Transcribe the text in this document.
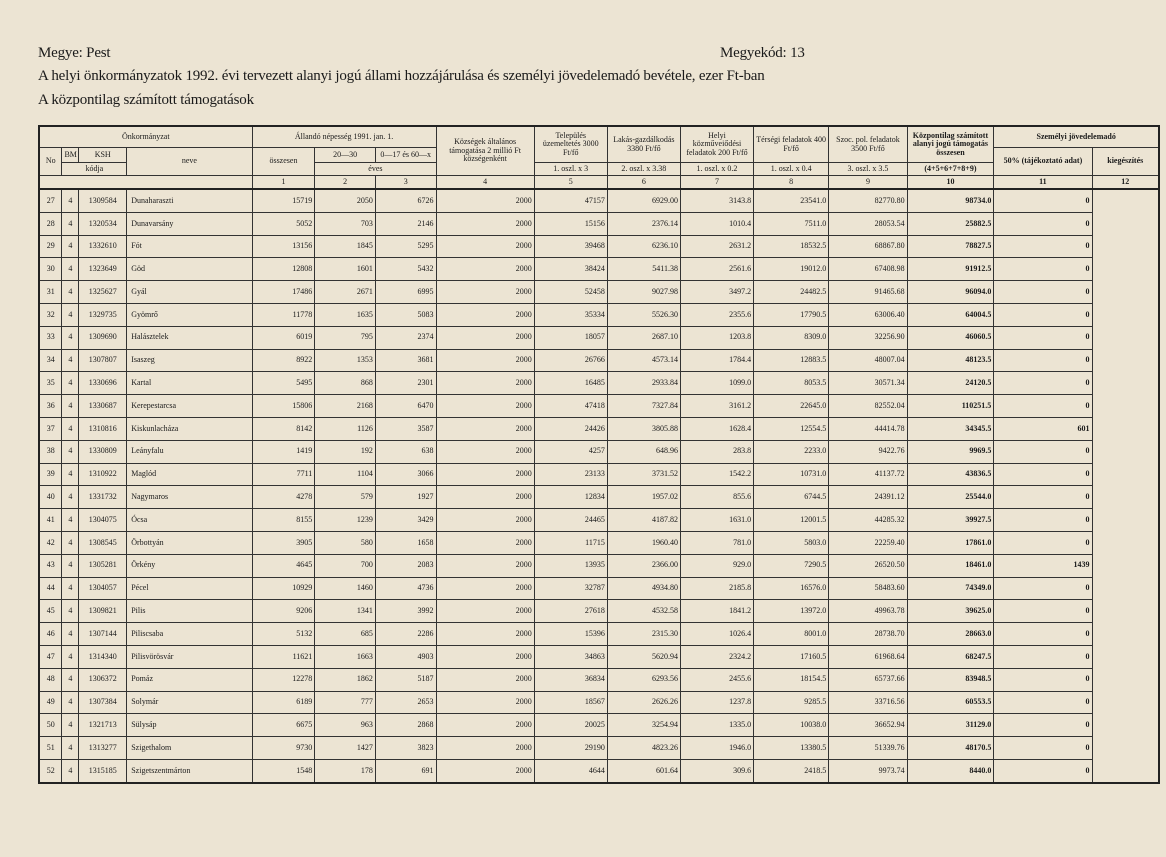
Megye: Pest	Megyekód: 13
A helyi önkormányzatok 1992. évi tervezett alanyi jogú állami hozzájárulása és személyi jövedelemadó bevétele, ezer Ft-ban
A központilag számított támogatások
Önkormányzat				Állandó népesség 1991. jan. 1.			Községek általános támogatása 2 millió Ft községenként	Település üzemeltetés 3000 Ft/fő	Lakás-gazdálkodás 3380 Ft/fő	Helyi közműveiődési feladatok 200 Ft/fő	Térségi feladatok 400 Ft/fő	Szoc. pol. feladatok 3500 Ft/fő	Központilag számított alanyi jogú támogatás összesen	Személyi jövedelemadó	
No	BM	KSH	neve	összesen	20—30	0—17 és 60—x								50% (tájékoztató adat)	kiegészítés
	kódja				éves			1. oszl. x 3	2. oszl. x 3.38	1. oszl. x 0.2	1. oszl. x 0.4	3. oszl. x 3.5	(4+5+6+7+8+9)		
				1	2	3	4	5	6	7	8	9	10	11	12
27	4	1309584	Dunaharaszti	15719	2050	6726	2000	47157	6929.00	3143.8	23541.0	82770.80	98734.0	0	
28	4	1320534	Dunavarsány	5052	703	2146	2000	15156	2376.14	1010.4	7511.0	28053.54	25882.5	0	
29	4	1332610	Fót	13156	1845	5295	2000	39468	6236.10	2631.2	18532.5	68867.80	78827.5	0	
30	4	1323649	Göd	12808	1601	5432	2000	38424	5411.38	2561.6	19012.0	67408.98	91912.5	0	
31	4	1325627	Gyál	17486	2671	6995	2000	52458	9027.98	3497.2	24482.5	91465.68	96094.0	0	
32	4	1329735	Gyömrő	11778	1635	5083	2000	35334	5526.30	2355.6	17790.5	63006.40	64004.5	0	
33	4	1309690	Halásztelek	6019	795	2374	2000	18057	2687.10	1203.8	8309.0	32256.90	46060.5	0	
34	4	1307807	Isaszeg	8922	1353	3681	2000	26766	4573.14	1784.4	12883.5	48007.04	48123.5	0	
35	4	1330696	Kartal	5495	868	2301	2000	16485	2933.84	1099.0	8053.5	30571.34	24120.5	0	
36	4	1330687	Kerepestarcsa	15806	2168	6470	2000	47418	7327.84	3161.2	22645.0	82552.04	110251.5	0	
37	4	1310816	Kiskunlacháza	8142	1126	3587	2000	24426	3805.88	1628.4	12554.5	44414.78	34345.5	601	
38	4	1330809	Leányfalu	1419	192	638	2000	4257	648.96	283.8	2233.0	9422.76	9969.5	0	
39	4	1310922	Maglód	7711	1104	3066	2000	23133	3731.52	1542.2	10731.0	41137.72	43836.5	0	
40	4	1331732	Nagymaros	4278	579	1927	2000	12834	1957.02	855.6	6744.5	24391.12	25544.0	0	
41	4	1304075	Ócsa	8155	1239	3429	2000	24465	4187.82	1631.0	12001.5	44285.32	39927.5	0	
42	4	1308545	Örbottyán	3905	580	1658	2000	11715	1960.40	781.0	5803.0	22259.40	17861.0	0	
43	4	1305281	Örkény	4645	700	2083	2000	13935	2366.00	929.0	7290.5	26520.50	18461.0	1439	
44	4	1304057	Pécel	10929	1460	4736	2000	32787	4934.80	2185.8	16576.0	58483.60	74349.0	0	
45	4	1309821	Pilis	9206	1341	3992	2000	27618	4532.58	1841.2	13972.0	49963.78	39625.0	0	
46	4	1307144	Piliscsaba	5132	685	2286	2000	15396	2315.30	1026.4	8001.0	28738.70	28663.0	0	
47	4	1314340	Pilisvörösvár	11621	1663	4903	2000	34863	5620.94	2324.2	17160.5	61968.64	68247.5	0	
48	4	1306372	Pomáz	12278	1862	5187	2000	36834	6293.56	2455.6	18154.5	65737.66	83948.5	0	
49	4	1307384	Solymár	6189	777	2653	2000	18567	2626.26	1237.8	9285.5	33716.56	60553.5	0	
50	4	1321713	Sülysáp	6675	963	2868	2000	20025	3254.94	1335.0	10038.0	36652.94	31129.0	0	
51	4	1313277	Szigethalom	9730	1427	3823	2000	29190	4823.26	1946.0	13380.5	51339.76	48170.5	0	
52	4	1315185	Szigetszentmárton	1548	178	691	2000	4644	601.64	309.6	2418.5	9973.74	8440.0	0	
